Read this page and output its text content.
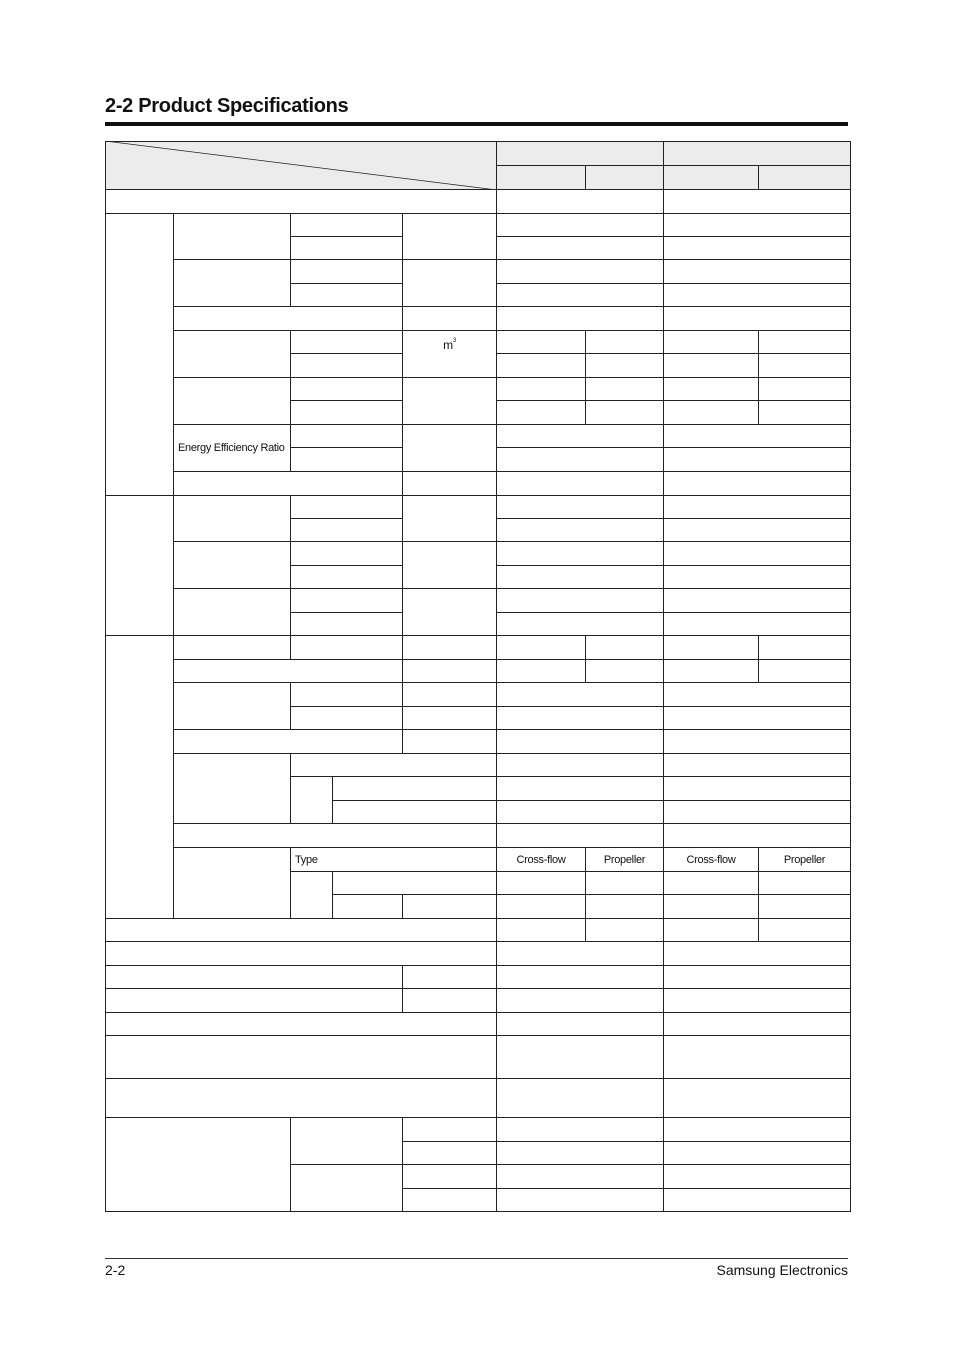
2-2 Product Specifications
Energy Efficiency Ratio
$m^3$
Type	Cross-flow	Propeller	Cross-flow	Propeller
2-2	Samsung Electronics
